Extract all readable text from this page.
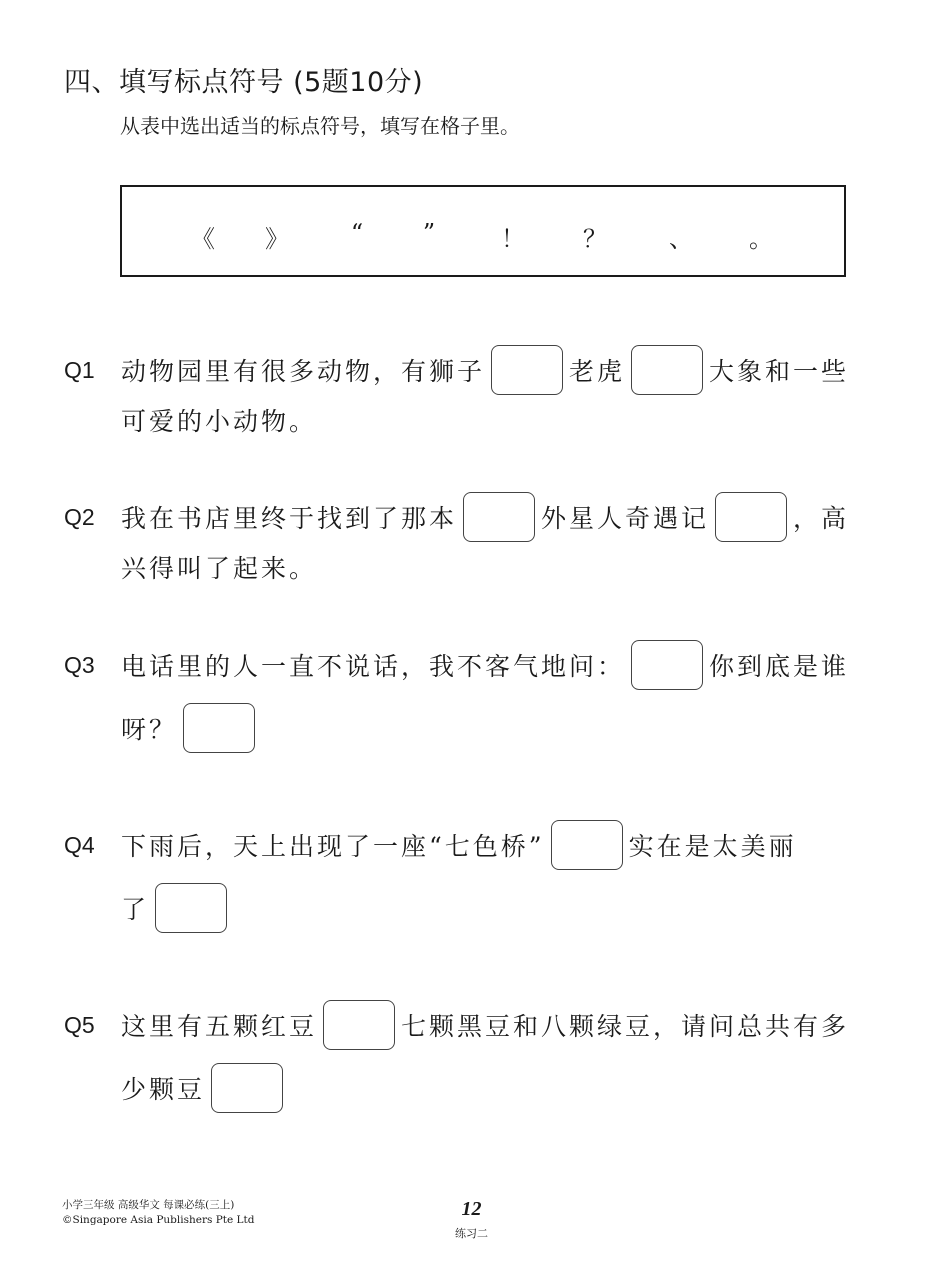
四、填写标点符号 (5题10分)
从表中选出适当的标点符号，填写在格子里。
《 》	“	”	！ ？	、 。
Q1 动物园里有很多动物，有狮子	老虎	大象和一些
可爱的小动物。
Q2 我在书店里终于找到了那本	外星人奇遇记	，高
兴得叫了起来。
Q3 电话里的人一直不说话，我不客气地问：	你到底是谁
呀？
Q4 下雨后，天上出现了一座“七色桥”	实在是太美丽
了
Q5 这里有五颗红豆	七颗黑豆和八颗绿豆，请问总共有多
少颗豆
小学三年级 高级华文 每课必练(三上)
©Singapore Asia Publishers Pte Ltd	12
练习二
